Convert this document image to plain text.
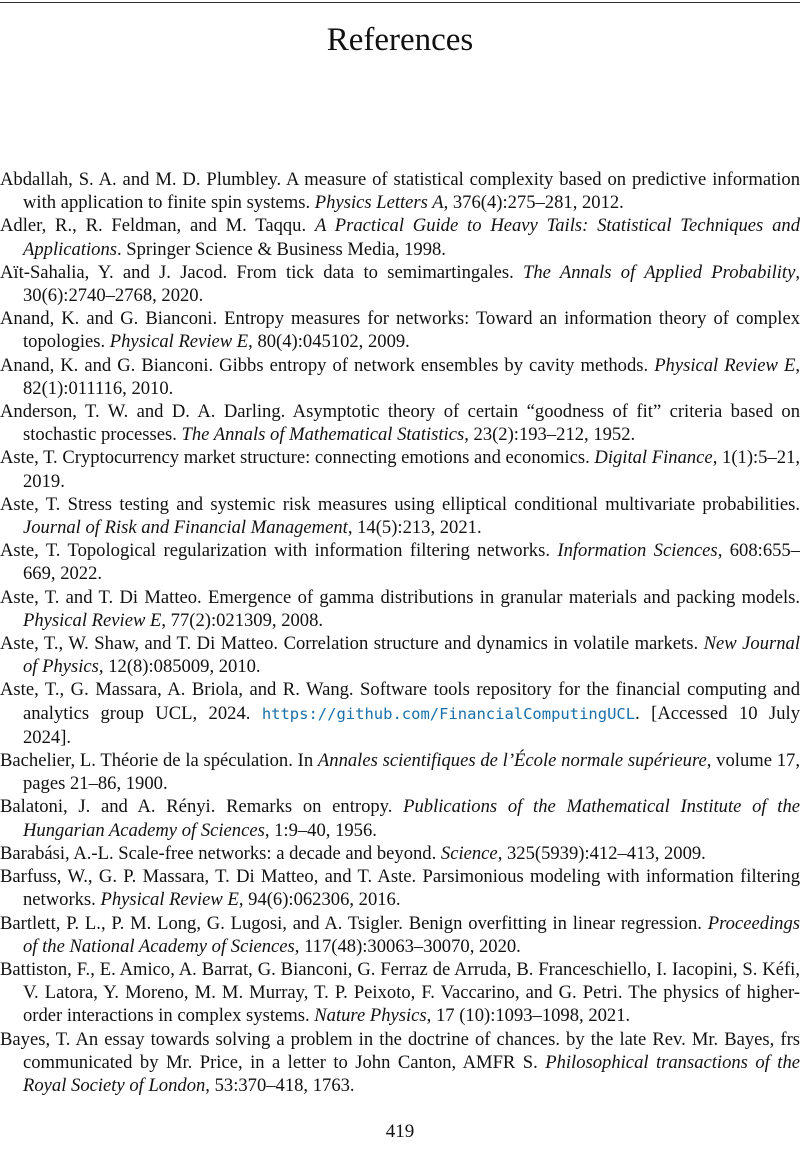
References
Abdallah, S. A. and M. D. Plumbley. A measure of statistical complexity based on predictive information with application to finite spin systems. Physics Letters A, 376(4):275–281, 2012.
Adler, R., R. Feldman, and M. Taqqu. A Practical Guide to Heavy Tails: Statistical Techniques and Applications. Springer Science & Business Media, 1998.
Aït-Sahalia, Y. and J. Jacod. From tick data to semimartingales. The Annals of Applied Probability, 30(6):2740–2768, 2020.
Anand, K. and G. Bianconi. Entropy measures for networks: Toward an information theory of complex topologies. Physical Review E, 80(4):045102, 2009.
Anand, K. and G. Bianconi. Gibbs entropy of network ensembles by cavity methods. Physical Review E, 82(1):011116, 2010.
Anderson, T. W. and D. A. Darling. Asymptotic theory of certain “goodness of fit” criteria based on stochastic processes. The Annals of Mathematical Statistics, 23(2):193–212, 1952.
Aste, T. Cryptocurrency market structure: connecting emotions and economics. Digital Finance, 1(1):5–21, 2019.
Aste, T. Stress testing and systemic risk measures using elliptical conditional multivariate probabilities. Journal of Risk and Financial Management, 14(5):213, 2021.
Aste, T. Topological regularization with information filtering networks. Information Sciences, 608:655–669, 2022.
Aste, T. and T. Di Matteo. Emergence of gamma distributions in granular materials and packing models. Physical Review E, 77(2):021309, 2008.
Aste, T., W. Shaw, and T. Di Matteo. Correlation structure and dynamics in volatile markets. New Journal of Physics, 12(8):085009, 2010.
Aste, T., G. Massara, A. Briola, and R. Wang. Software tools repository for the financial computing and analytics group UCL, 2024. https://github.com/FinancialComputingUCL. [Accessed 10 July 2024].
Bachelier, L. Théorie de la spéculation. In Annales scientifiques de l’École normale supérieure, volume 17, pages 21–86, 1900.
Balatoni, J. and A. Rényi. Remarks on entropy. Publications of the Mathematical Institute of the Hungarian Academy of Sciences, 1:9–40, 1956.
Barabási, A.-L. Scale-free networks: a decade and beyond. Science, 325(5939):412–413, 2009.
Barfuss, W., G. P. Massara, T. Di Matteo, and T. Aste. Parsimonious modeling with information filtering networks. Physical Review E, 94(6):062306, 2016.
Bartlett, P. L., P. M. Long, G. Lugosi, and A. Tsigler. Benign overfitting in linear regression. Proceedings of the National Academy of Sciences, 117(48):30063–30070, 2020.
Battiston, F., E. Amico, A. Barrat, G. Bianconi, G. Ferraz de Arruda, B. Franceschiello, I. Iacopini, S. Kéfi, V. Latora, Y. Moreno, M. M. Murray, T. P. Peixoto, F. Vaccarino, and G. Petri. The physics of higher-order interactions in complex systems. Nature Physics, 17 (10):1093–1098, 2021.
Bayes, T. An essay towards solving a problem in the doctrine of chances. by the late Rev. Mr. Bayes, frs communicated by Mr. Price, in a letter to John Canton, AMFR S. Philosophical transactions of the Royal Society of London, 53:370–418, 1763.

419
